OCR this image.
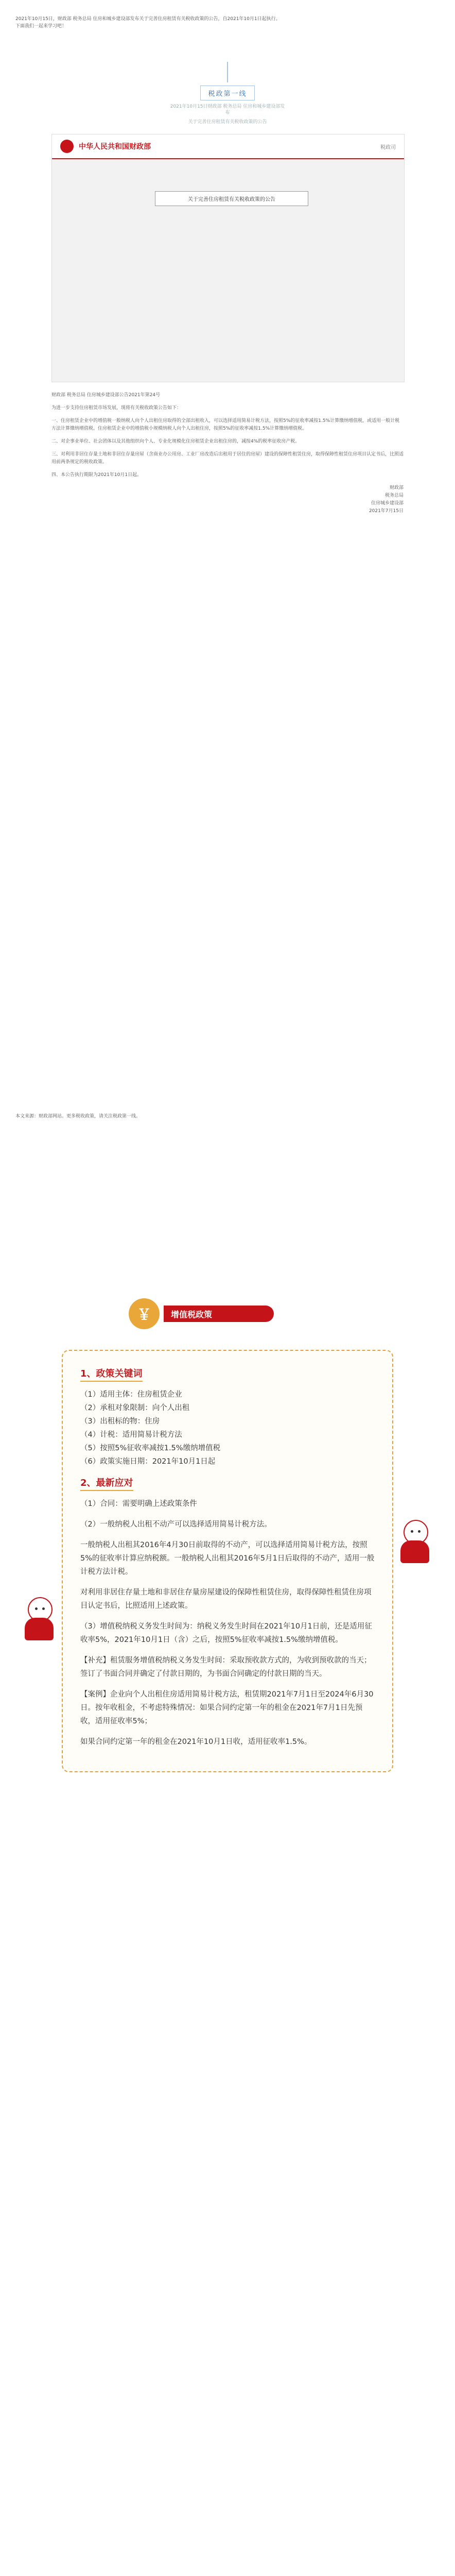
2021年10月15日，财政部 税务总局 住房和城乡建设部发布关于完善住房租赁有关税收政策的公告，自2021年10月1日起执行。
下面我们一起来学习吧！
税政第一线
2021年10月15日财政部 税务总局 住房和城乡建设部发布
关于完善住房租赁有关税收政策的公告
中华人民共和国财政部	税政司
关于完善住房租赁有关税收政策的公告

财政部 税务总局 住房城乡建设部公告2021年第24号

为进一步支持住房租赁市场发展，现将有关税收政策公告如下：

一、住房租赁企业中的增值税一般纳税人向个人出租住房取得的全部出租收入，可以选择适用简易计税方法，按照5%的征收率减按1.5%计算缴纳增值税，或适用一般计税方法计算缴纳增值税。住房租赁企业中的增值税小规模纳税人向个人出租住房，按照5%的征收率减按1.5%计算缴纳增值税。

二、对企事业单位、社会团体以及其他组织向个人、专业化规模化住房租赁企业出租住房的，减按4%的税率征收房产税。

三、对利用非居住存量土地和非居住存量房屋（含商业办公用房、工业厂房改造后出租用于居住的房屋）建设的保障性租赁住房，取得保障性租赁住房项目认定书后，比照适用前两条规定的税收政策。

四、本公告执行期限为2021年10月1日起。

财政部
税务总局
住房城乡建设部
2021年7月15日

本文来源：财政部网站。更多税收政策，请关注税政第一线。
￥	增值税政策
1、政策关键词

（1）适用主体：住房租赁企业
（2）承租对象限制：向个人出租
（3）出租标的物：住房
（4）计税：适用简易计税方法
（5）按照5%征收率减按1.5%缴纳增值税
（6）政策实施日期：2021年10月1日起

2、最新应对

（1）合同：需要明确上述政策条件

（2）一般纳税人出租不动产可以选择适用简易计税方法。

一般纳税人出租其2016年4月30日前取得的不动产，可以选择适用简易计税方法，按照5%的征收率计算应纳税额。一般纳税人出租其2016年5月1日后取得的不动产，适用一般计税方法计税。

对利用非居住存量土地和非居住存量房屋建设的保障性租赁住房，取得保障性租赁住房项目认定书后，比照适用上述政策。

（3）增值税纳税义务发生时间为：纳税义务发生时间在2021年10月1日前，还是适用征收率5%，2021年10月1日（含）之后，按照5%征收率减按1.5%缴纳增值税。

【补充】租赁服务增值税纳税义务发生时间：采取预收款方式的，为收到预收款的当天；签订了书面合同并确定了付款日期的，为书面合同确定的付款日期的当天。

【案例】企业向个人出租住房适用简易计税方法，租赁期2021年7月1日至2024年6月30日。按年收租金，不考虑特殊情况：如果合同约定第一年的租金在2021年7月1日先预收，适用征收率5%；

如果合同约定第一年的租金在2021年10月1日收，适用征收率1.5%。
